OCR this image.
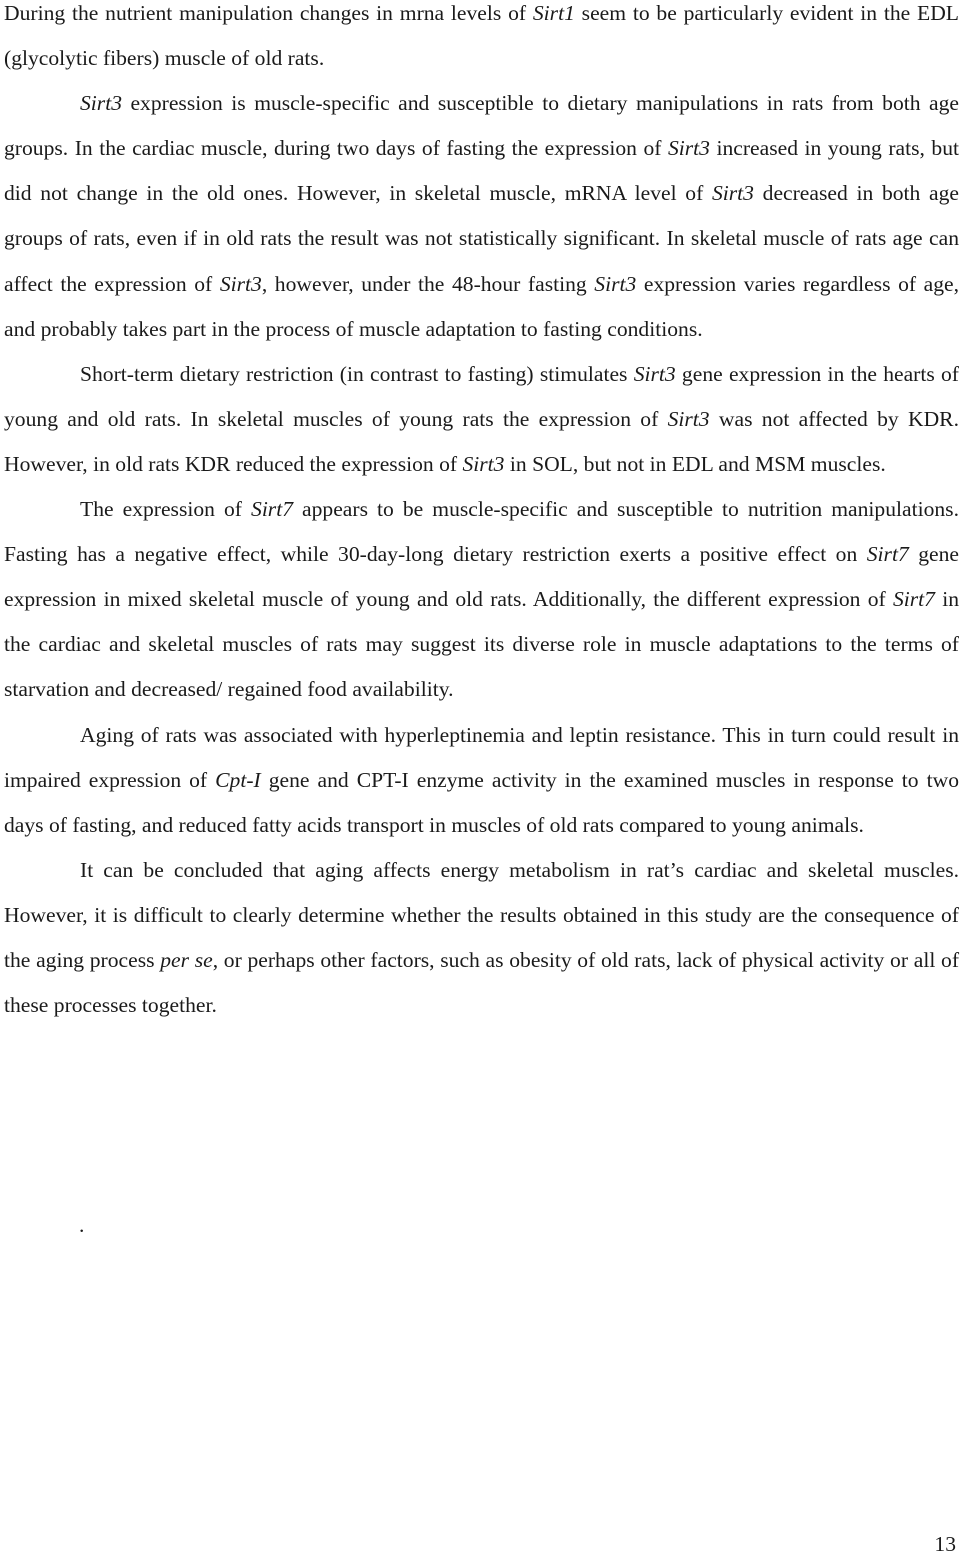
During the nutrient manipulation changes in mrna levels of Sirt1 seem to be particularly evident in the EDL (glycolytic fibers) muscle of old rats.

Sirt3 expression is muscle-specific and susceptible to dietary manipulations in rats from both age groups. In the cardiac muscle, during two days of fasting the expression of Sirt3 increased in young rats, but did not change in the old ones. However, in skeletal muscle, mRNA level of Sirt3 decreased in both age groups of rats, even if in old rats the result was not statistically significant. In skeletal muscle of rats age can affect the expression of Sirt3, however, under the 48-hour fasting Sirt3 expression varies regardless of age, and probably takes part in the process of muscle adaptation to fasting conditions.

Short-term dietary restriction (in contrast to fasting) stimulates Sirt3 gene expression in the hearts of young and old rats. In skeletal muscles of young rats the expression of Sirt3 was not affected by KDR. However, in old rats KDR reduced the expression of Sirt3 in SOL, but not in EDL and MSM muscles.

The expression of Sirt7 appears to be muscle-specific and susceptible to nutrition manipulations. Fasting has a negative effect, while 30-day-long dietary restriction exerts a positive effect on Sirt7 gene expression in mixed skeletal muscle of young and old rats. Additionally, the different expression of Sirt7 in the cardiac and skeletal muscles of rats may suggest its diverse role in muscle adaptations to the terms of starvation and decreased/ regained food availability.

Aging of rats was associated with hyperleptinemia and leptin resistance. This in turn could result in impaired expression of Cpt-I gene and CPT-I enzyme activity in the examined muscles in response to two days of fasting, and reduced fatty acids transport in muscles of old rats compared to young animals.

It can be concluded that aging affects energy metabolism in rat’s cardiac and skeletal muscles. However, it is difficult to clearly determine whether the results obtained in this study are the consequence of the aging process per se, or perhaps other factors, such as obesity of old rats, lack of physical activity or all of these processes together.

.
13
